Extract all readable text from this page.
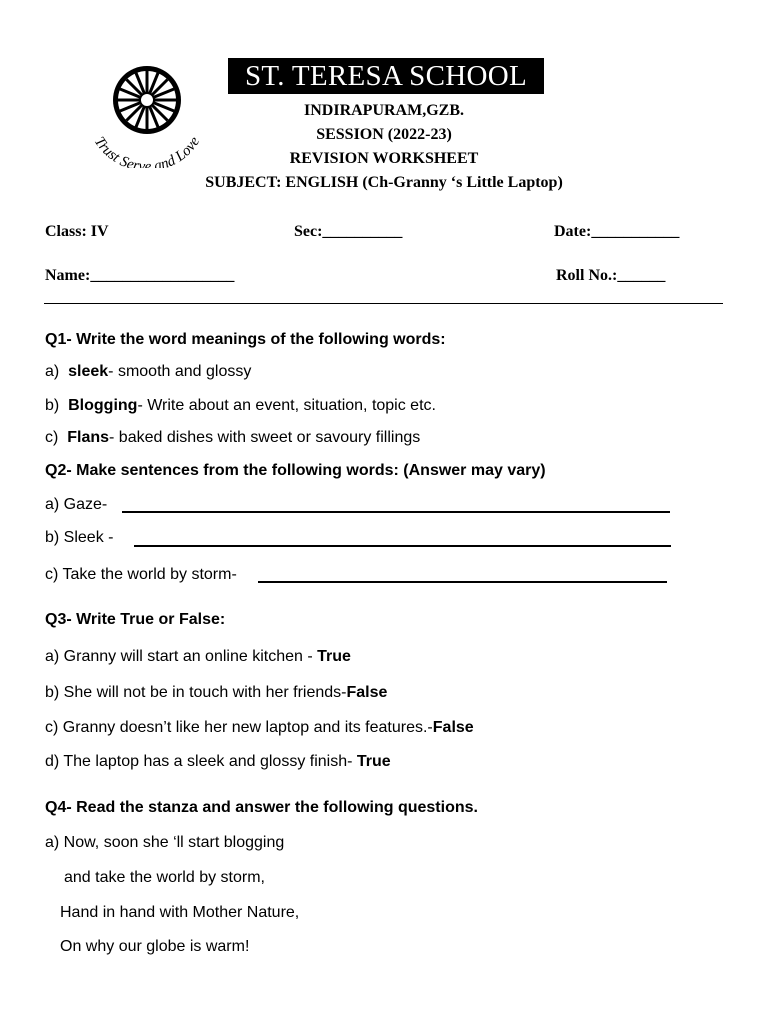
Trust Serve and Love
ST. TERESA SCHOOL
INDIRAPURAM,GZB.
SESSION (2022-23)
REVISION WORKSHEET
SUBJECT: ENGLISH (Ch-Granny ‘s Little Laptop)
Class: IV	Sec:__________	Date:___________
Name:__________________	Roll No.:______
Q1- Write the word meanings of the following words:
a) sleek- smooth and glossy
b) Blogging- Write about an event, situation, topic etc.
c) Flans- baked dishes with sweet or savoury fillings
Q2- Make sentences from the following words: (Answer may vary)
a) Gaze-
b) Sleek -
c) Take the world by storm-
Q3- Write True or False:
a) Granny will start an online kitchen - True
b) She will not be in touch with her friends-False
c) Granny doesn’t like her new laptop and its features.-False
d) The laptop has a sleek and glossy finish- True
Q4- Read the stanza and answer the following questions.
a) Now, soon she ‘ll start blogging
and take the world by storm,
Hand in hand with Mother Nature,
On why our globe is warm!
